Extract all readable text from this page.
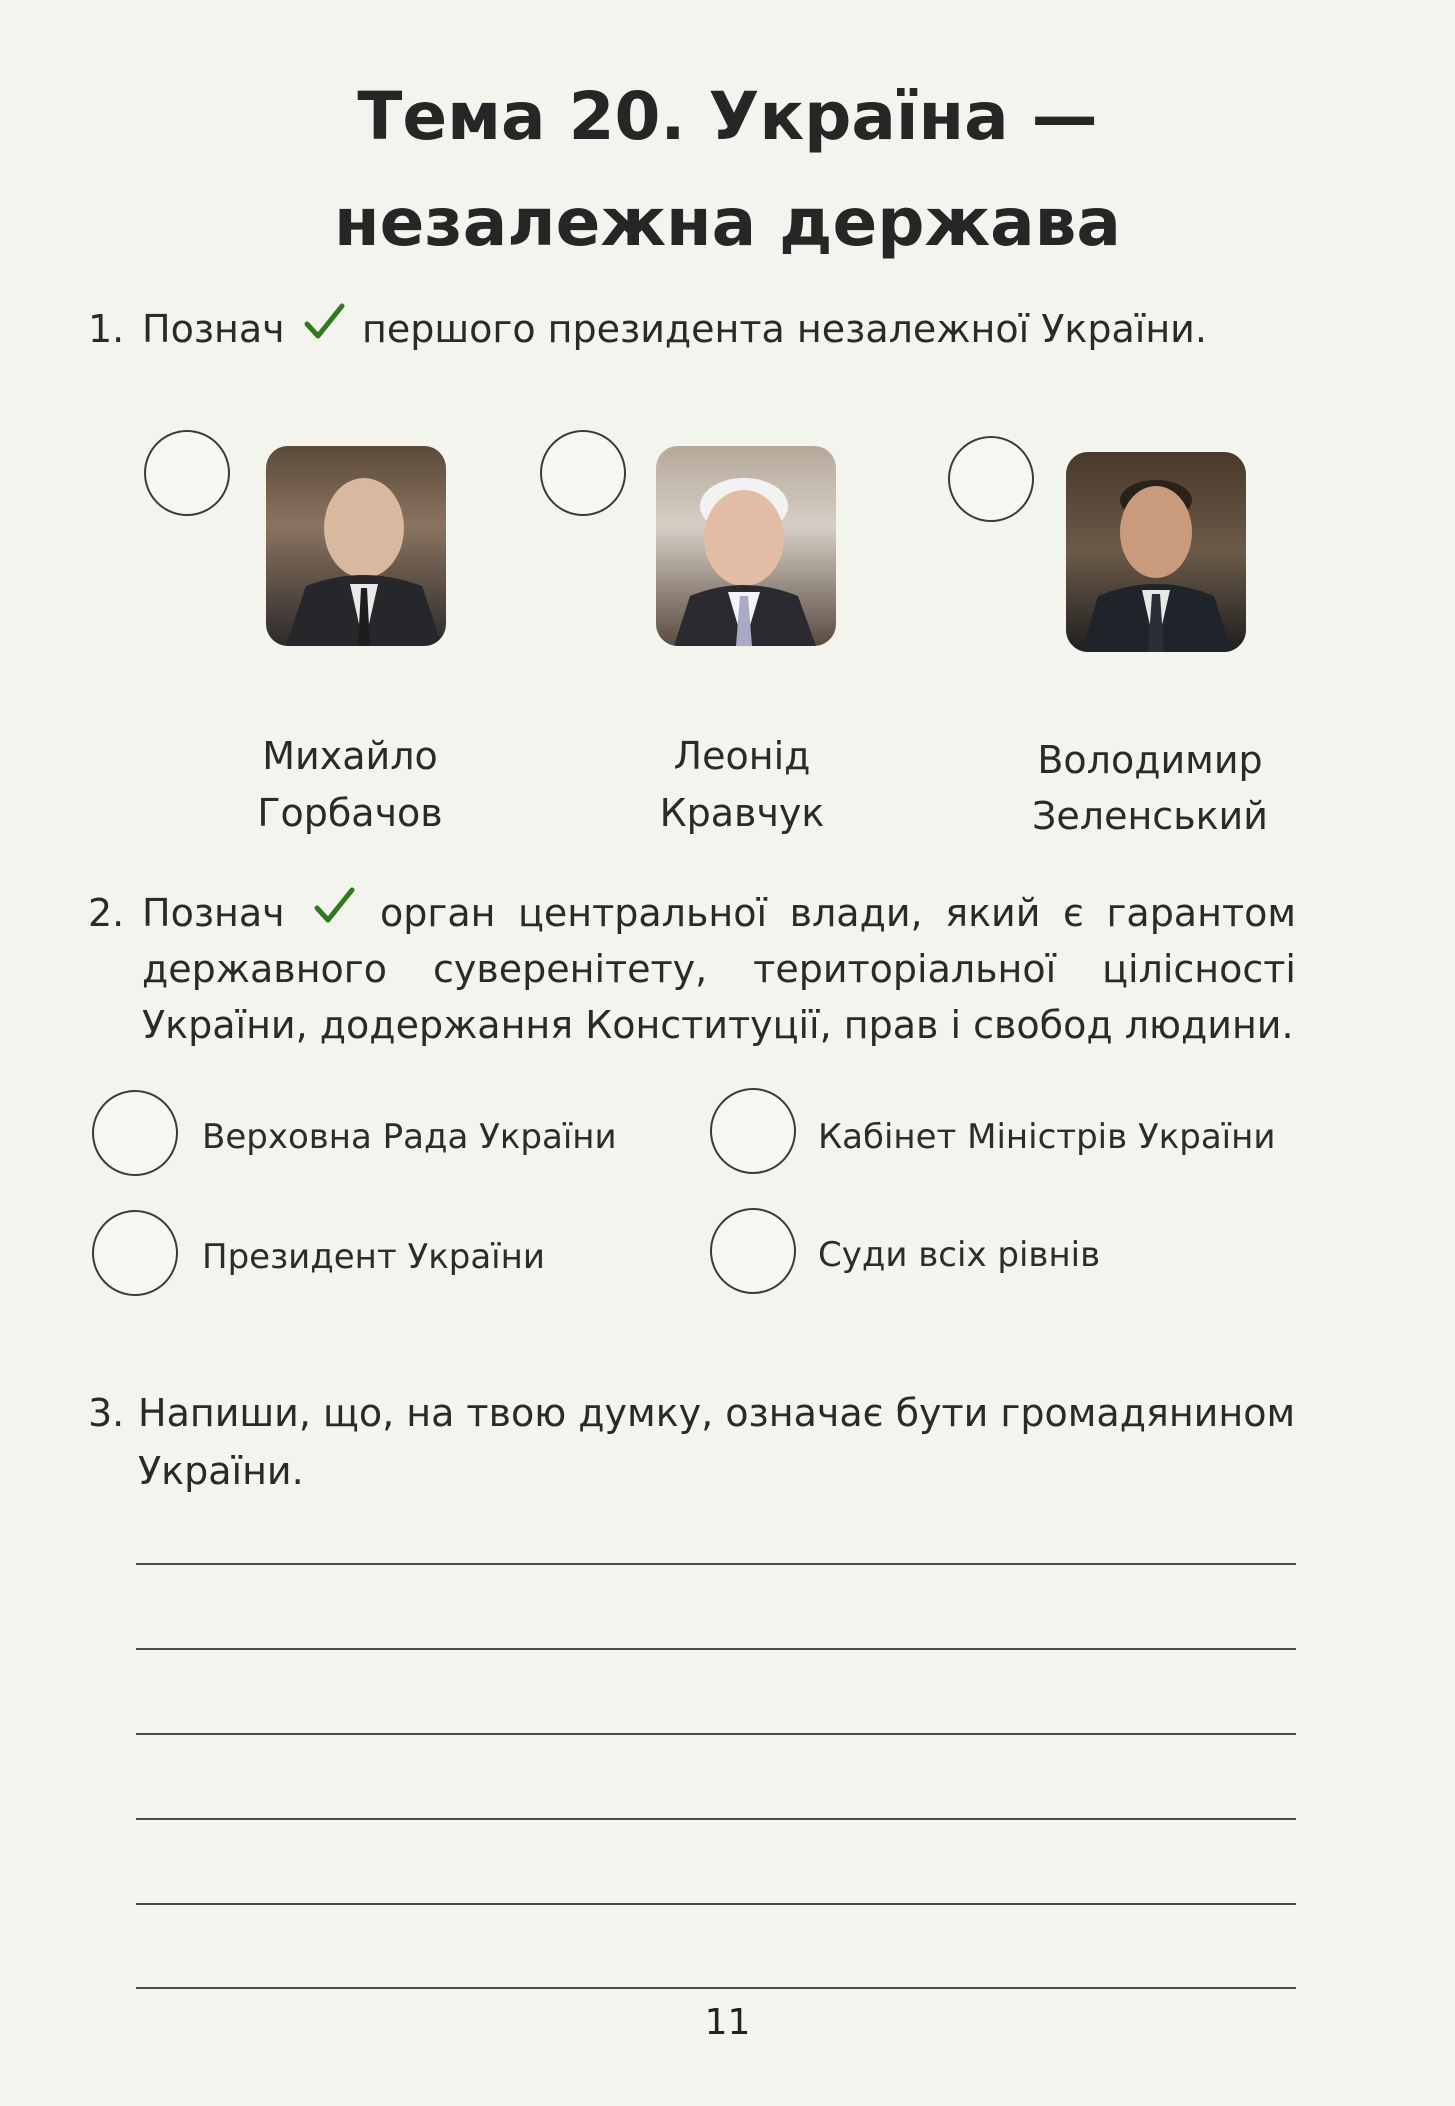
Тема 20. Україна —
незалежна держава
1. Познач першого президента незалежної України.
Михайло
Горбачов
Леонід
Кравчук
Володимир
Зеленський
2. Познач	орган центральної влади, який є гарантом
державного суверенітету, територіальної цілісності
України, додержання Конституції, прав і свобод людини.
Верховна Рада України	Кабінет Міністрів України
Президент України	Суди всіх рівнів
3. Напиши, що, на твою думку, означає бути громадянином
України.
11
